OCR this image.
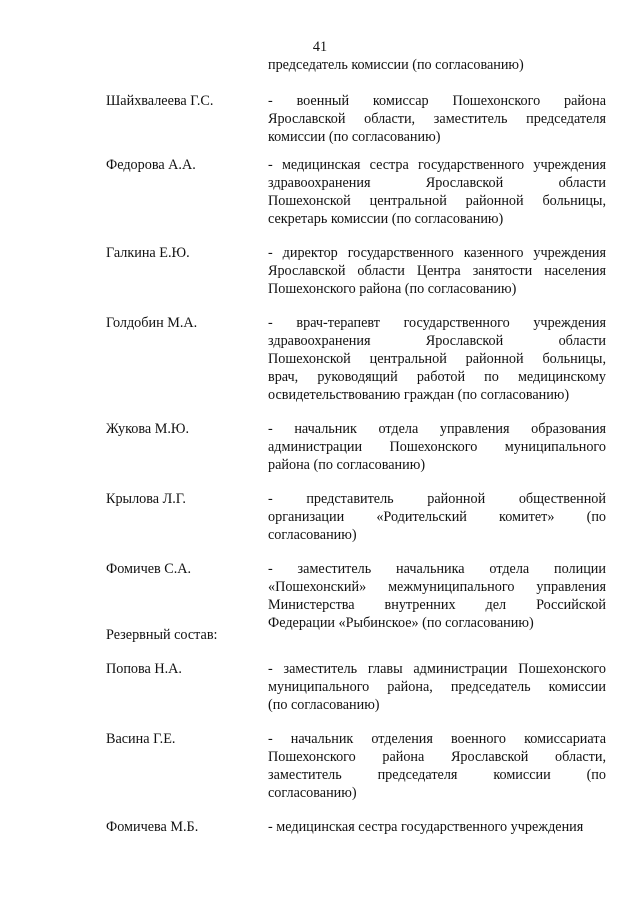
41
председатель комиссии (по согласованию)
Шайхвалеева Г.С.	- военный комиссар Пошехонского района
Ярославской области, заместитель председателя
комиссии (по согласованию)
Федорова А.А.	- медицинская сестра государственного учреждения
здравоохранения Ярославской области
Пошехонской центральной районной больницы,
секретарь комиссии (по согласованию)
Галкина Е.Ю.	- директор государственного казенного учреждения
Ярославской области Центра занятости населения
Пошехонского района (по согласованию)
Голдобин М.А.	- врач-терапевт государственного учреждения
здравоохранения Ярославской области
Пошехонской центральной районной больницы,
врач, руководящий работой по медицинскому
освидетельствованию граждан (по согласованию)
Жукова М.Ю.	- начальник отдела управления образования
администрации Пошехонского муниципального
района (по согласованию)
Крылова Л.Г.	- представитель районной общественной
организации «Родительский комитет» (по
согласованию)
Фомичев С.А.	- заместитель начальника отдела полиции
«Пошехонский» межмуниципального управления
Министерства внутренних дел Российской
Федерации «Рыбинское» (по согласованию)
Резервный состав:
Попова Н.А.	- заместитель главы администрации Пошехонского
муниципального района, председатель комиссии
(по согласованию)
Васина Г.Е.	- начальник отделения военного комиссариата
Пошехонского района Ярославской области,
заместитель председателя комиссии (по
согласованию)
Фомичева М.Б.	- медицинская сестра государственного учреждения
